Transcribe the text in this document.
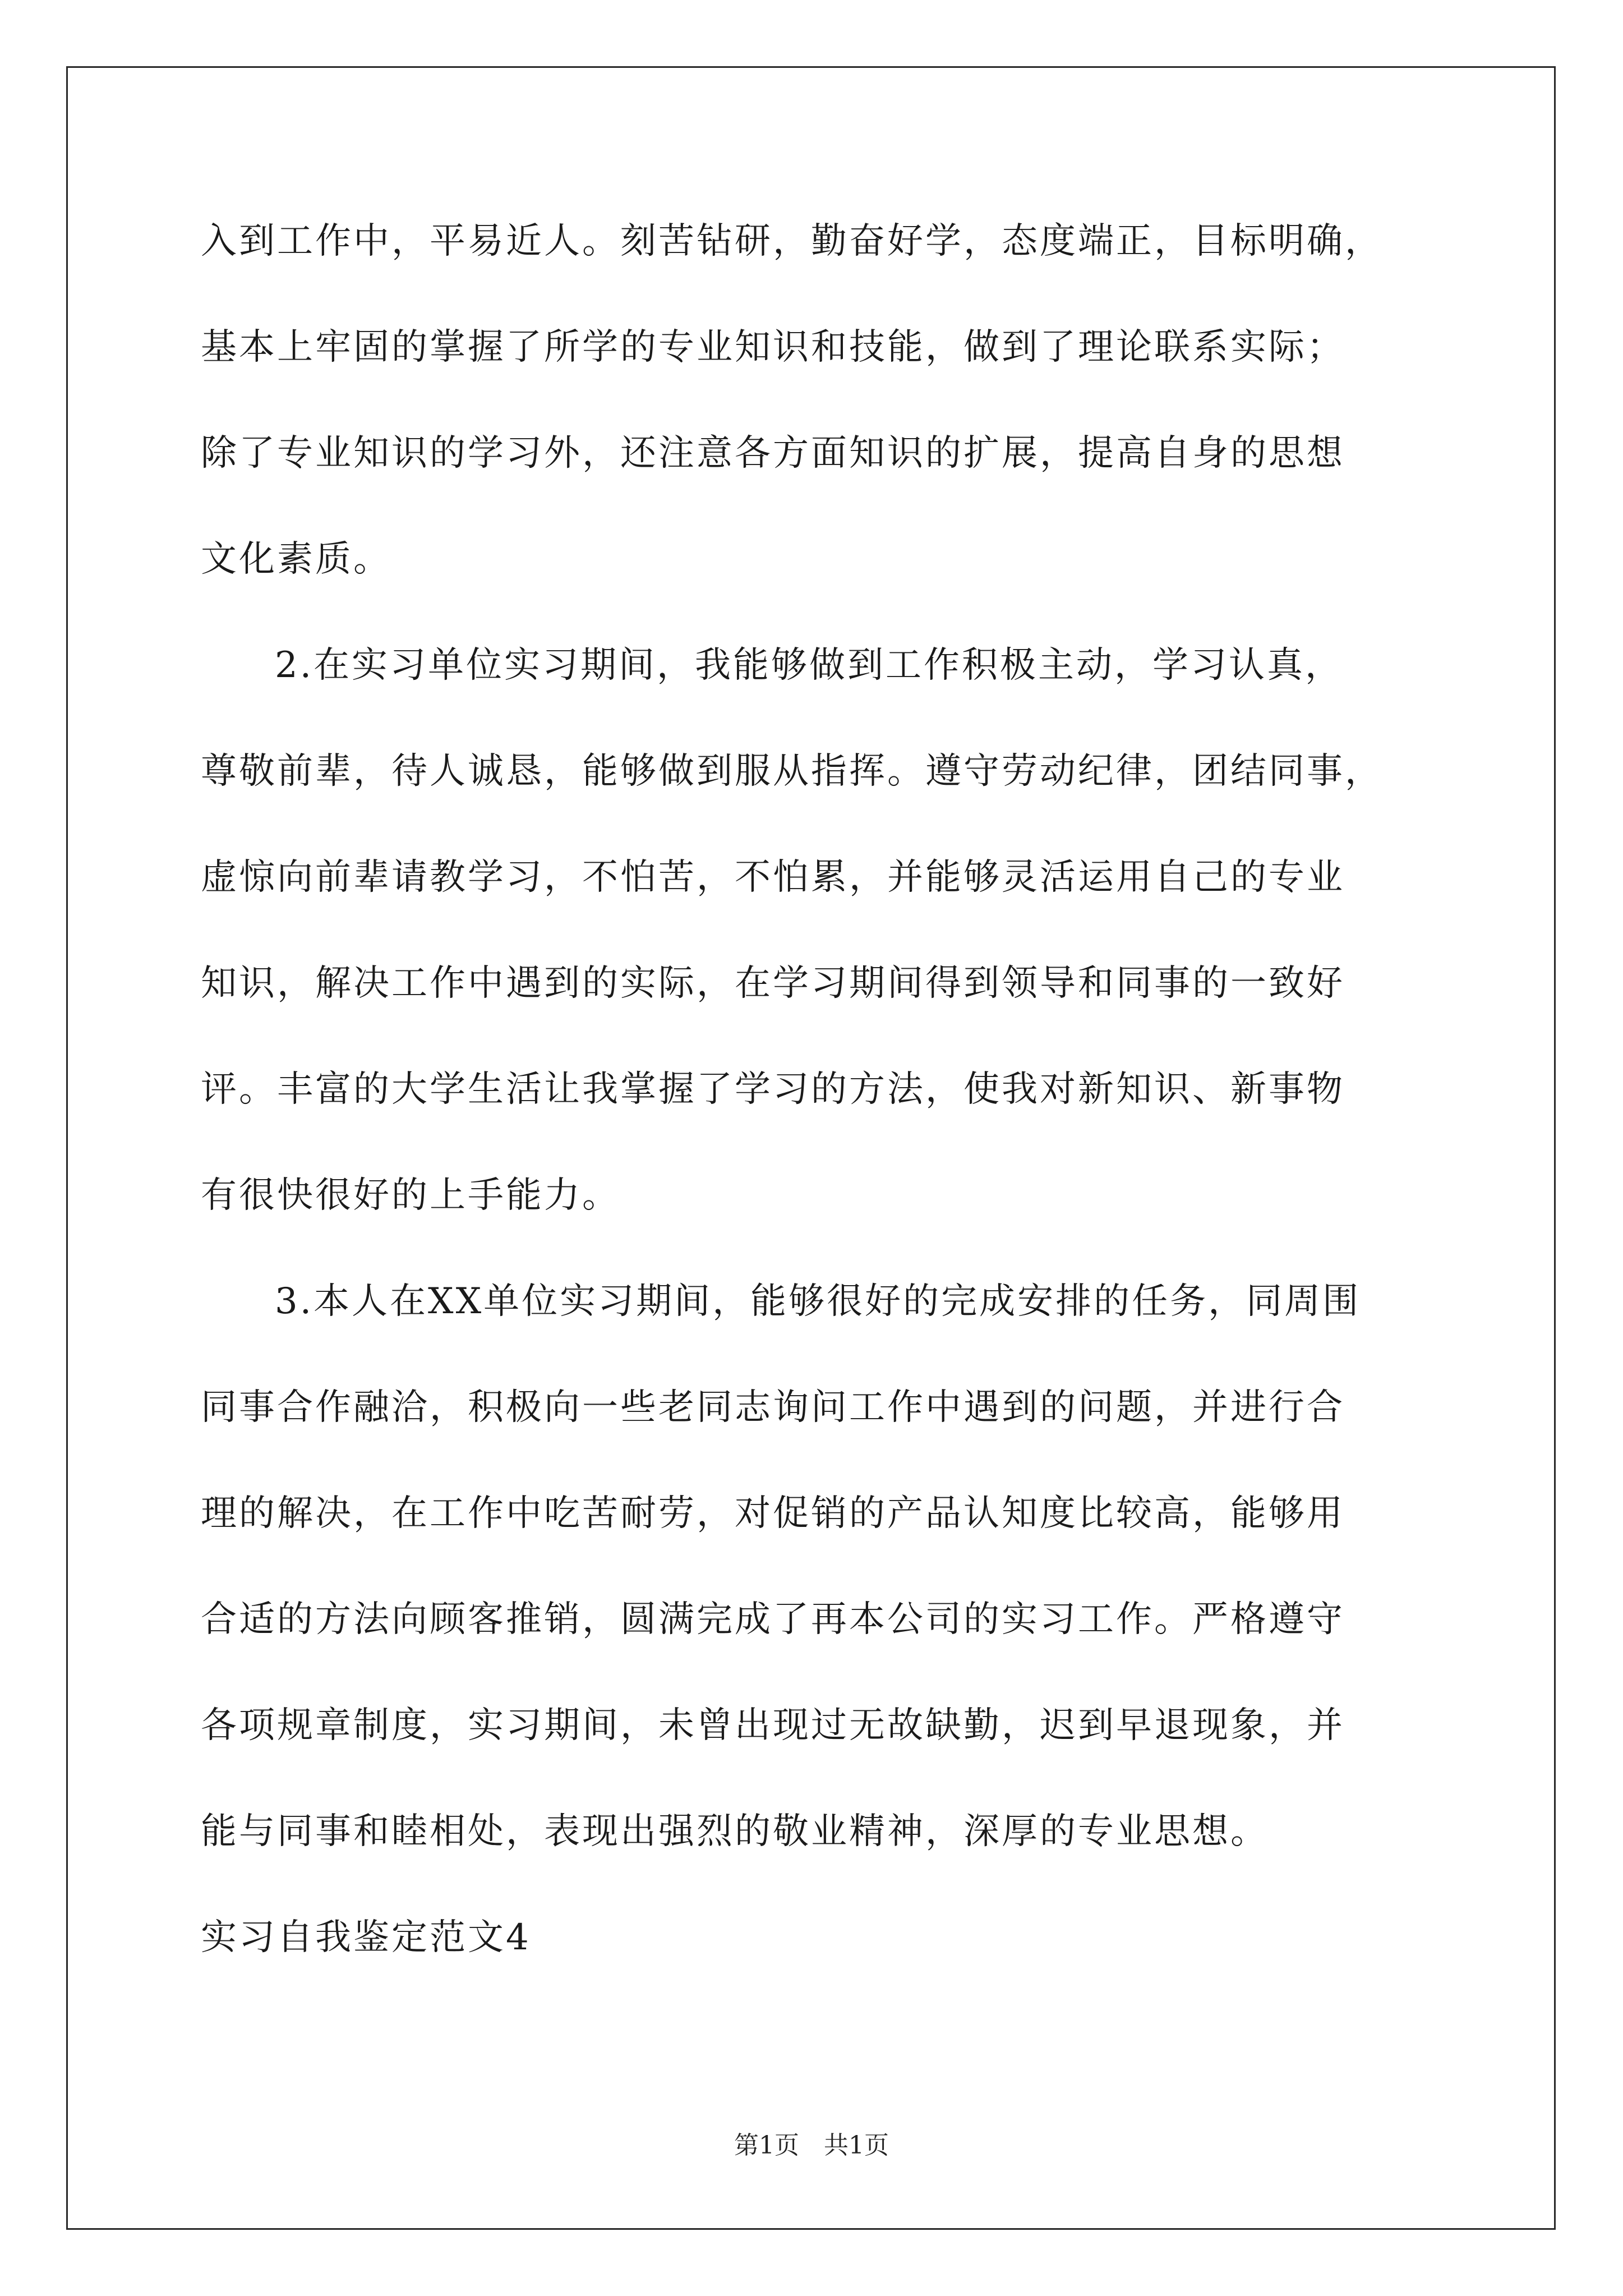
入到工作中，平易近人。刻苦钻研，勤奋好学，态度端正，目标明确，
基本上牢固的掌握了所学的专业知识和技能，做到了理论联系实际；
除了专业知识的学习外，还注意各方面知识的扩展，提高自身的思想
文化素质。
2.在实习单位实习期间，我能够做到工作积极主动，学习认真，
尊敬前辈，待人诚恳，能够做到服从指挥。遵守劳动纪律，团结同事，
虚惊向前辈请教学习，不怕苦，不怕累，并能够灵活运用自己的专业
知识，解决工作中遇到的实际，在学习期间得到领导和同事的一致好
评。丰富的大学生活让我掌握了学习的方法，使我对新知识、新事物
有很快很好的上手能力。
3.本人在XX单位实习期间，能够很好的完成安排的任务，同周围
同事合作融洽，积极向一些老同志询问工作中遇到的问题，并进行合
理的解决，在工作中吃苦耐劳，对促销的产品认知度比较高，能够用
合适的方法向顾客推销，圆满完成了再本公司的实习工作。严格遵守
各项规章制度，实习期间，未曾出现过无故缺勤，迟到早退现象，并
能与同事和睦相处，表现出强烈的敬业精神，深厚的专业思想。
实习自我鉴定范文4
第1页 共1页
